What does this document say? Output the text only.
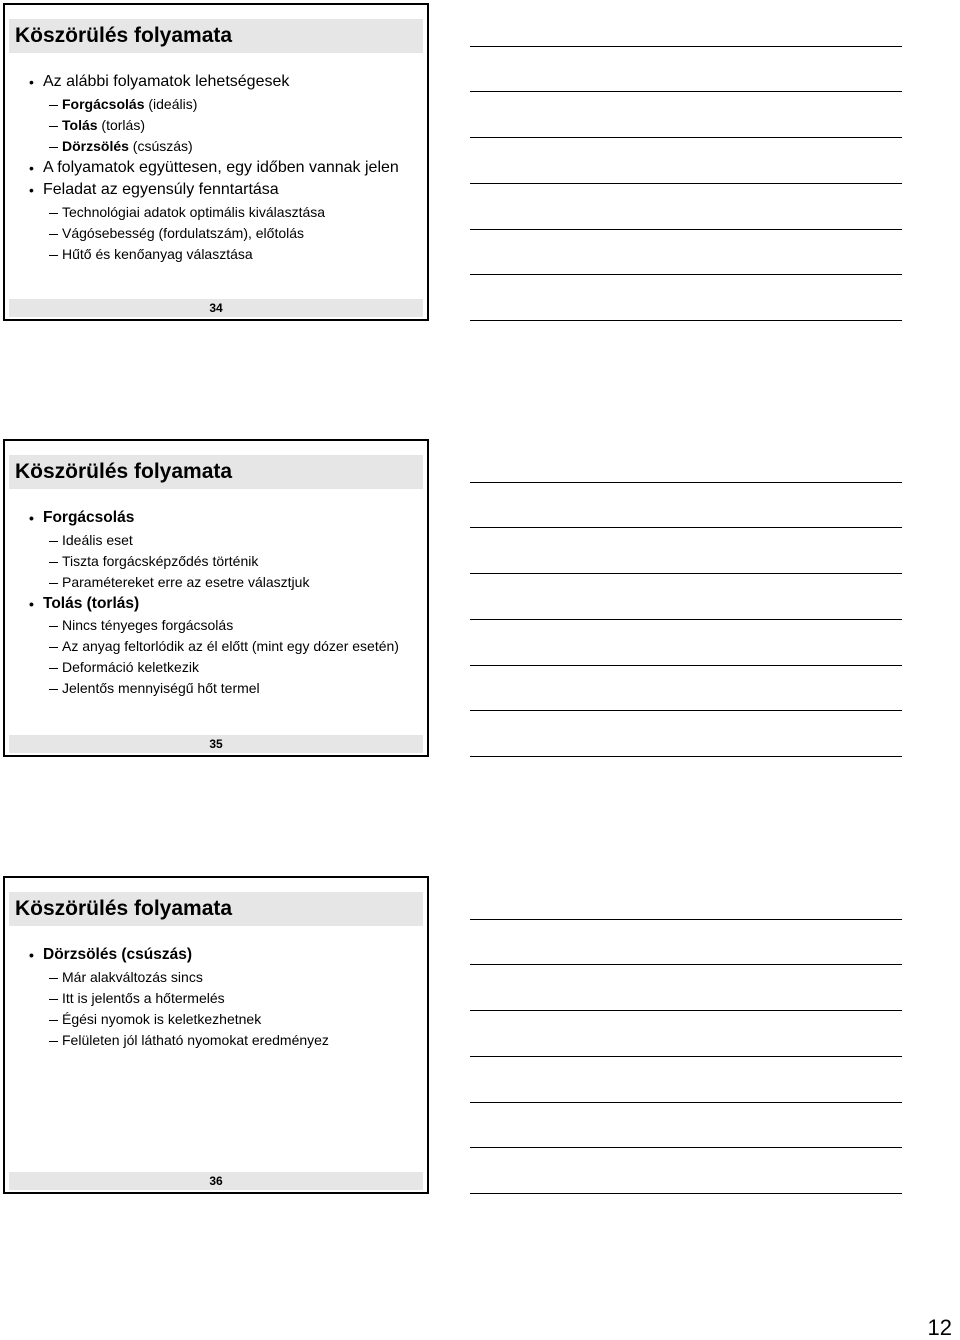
Köszörülés folyamata
• Az alábbi folyamatok lehetségesek
Forgácsolás (ideális)
Tolás (torlás)
Dörzsölés (csúszás)
• A folyamatok együttesen, egy időben vannak jelen
• Feladat az egyensúly fenntartása
Technológiai adatok optimális kiválasztása
Vágósebesség (fordulatszám), előtolás
Hűtő és kenőanyag választása
34
Köszörülés folyamata
• Forgácsolás
Ideális eset
Tiszta forgácsképződés történik
Paramétereket erre az esetre választjuk
• Tolás (torlás)
Nincs tényeges forgácsolás
Az anyag feltorlódik az él előtt (mint egy dózer esetén)
Deformáció keletkezik
Jelentős mennyiségű hőt termel
35
Köszörülés folyamata
• Dörzsölés (csúszás)
Már alakváltozás sincs
Itt is jelentős a hőtermelés
Égési nyomok is keletkezhetnek
Felületen jól látható nyomokat eredményez
36
12
